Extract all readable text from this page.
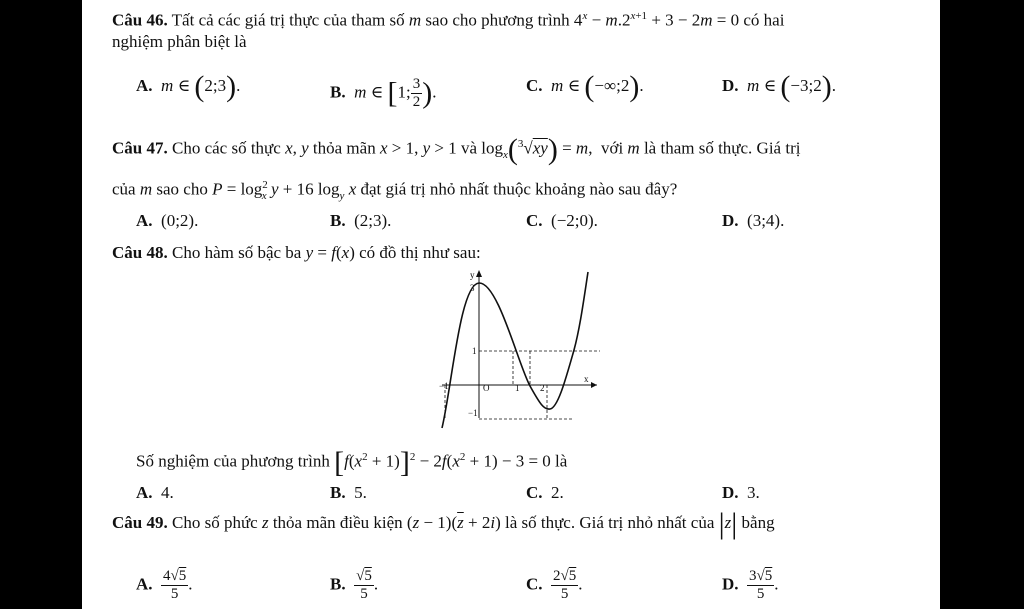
Câu 46. Tất cả các giá trị thực của tham số m sao cho phương trình $4^x - m.2^{x+1} + 3 - 2m = 0$ có hai
nghiệm phân biệt là
A. m ∈ (2;3).	B. m ∈ [1; $\frac{3}{2}$ ).	C. m ∈ (−∞;2).	D. m ∈ (−3;2).
Câu 47. Cho các số thực x, y thỏa mãn x > 1, y > 1 và $\log_x(^3√xy) = m$,  với m là tham số thực. Giá trị
của m sao cho $P = \log^2_x y + 16$ $\log_y x$ đạt giá trị nhỏ nhất thuộc khoảng nào sau đây?
A. (0;2).	B. (2;3).	C. (−2;0).	D. (3;4).
Câu 48. Cho hàm số bậc ba y = f(x) có đồ thị như sau:
y
3
1
−1	O	1 2
x
−1
Số nghiệm của phương trình $[f(x^2 + 1)]^2 - 2f(x^2 + 1) - 3 = 0$ là
A. 4.	B. 5.	C. 2.	D. 3.
Câu 49. Cho số phức z thỏa mãn điều kiện $(z - 1)(\overline{z} + 2i)$ là số thực. Giá trị nhỏ nhất của |z| bằng
A. $\frac{4√5}{5}$ .	B. $\frac{√5}{5}$ .	C. $\frac{2√5}{5}$ .	D. $\frac{3√5}{5}$ .
